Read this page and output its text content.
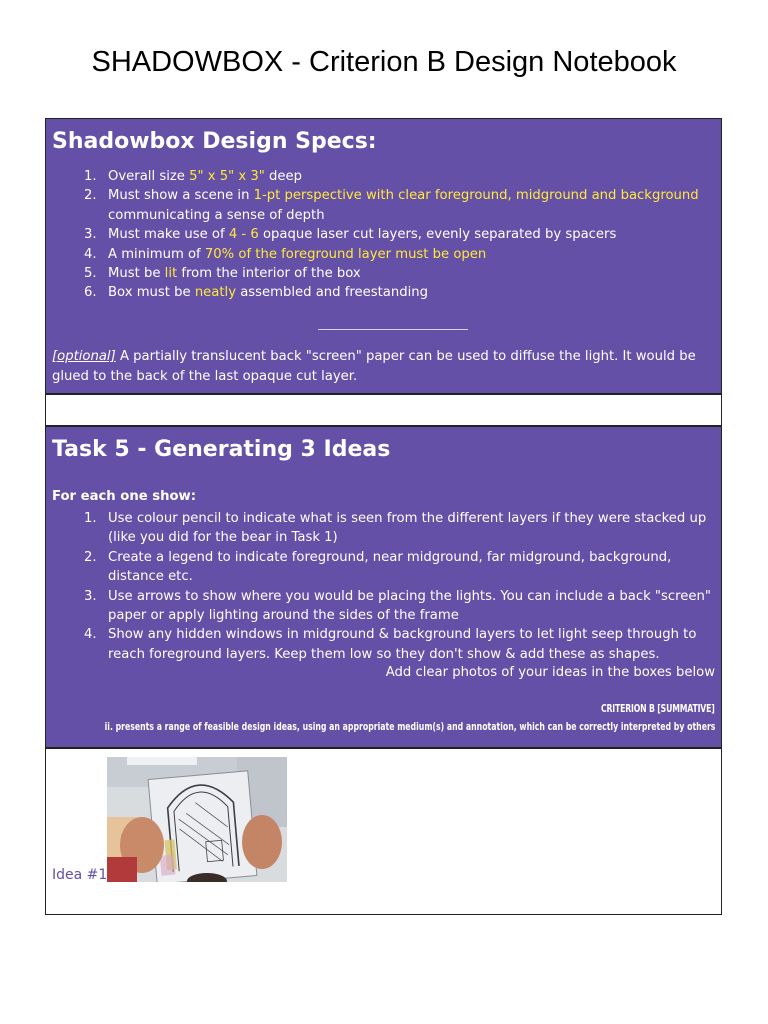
SHADOWBOX - Criterion B Design Notebook
Shadowbox Design Specs:
1. Overall size 5" x 5" x 3" deep
2. Must show a scene in 1-pt perspective with clear foreground, midground and background communicating a sense of depth
3. Must make use of 4 - 6 opaque laser cut layers, evenly separated by spacers
4. A minimum of 70% of the foreground layer must be open
5. Must be lit from the interior of the box
6. Box must be neatly assembled and freestanding
[optional] A partially translucent back "screen" paper can be used to diffuse the light. It would be glued to the back of the last opaque cut layer.
Task 5 - Generating 3 Ideas
For each one show:
1. Use colour pencil to indicate what is seen from the different layers if they were stacked up (like you did for the bear in Task 1)
2. Create a legend to indicate foreground, near midground, far midground, background, distance etc.
3. Use arrows to show where you would be placing the lights. You can include a back "screen" paper or apply lighting around the sides of the frame
4. Show any hidden windows in midground & background layers to let light seep through to reach foreground layers. Keep them low so they don't show & add these as shapes.
Add clear photos of your ideas in the boxes below
CRITERION B [SUMMATIVE]
ii. presents a range of feasible design ideas, using an appropriate medium(s) and annotation, which can be correctly interpreted by others
Idea #1
